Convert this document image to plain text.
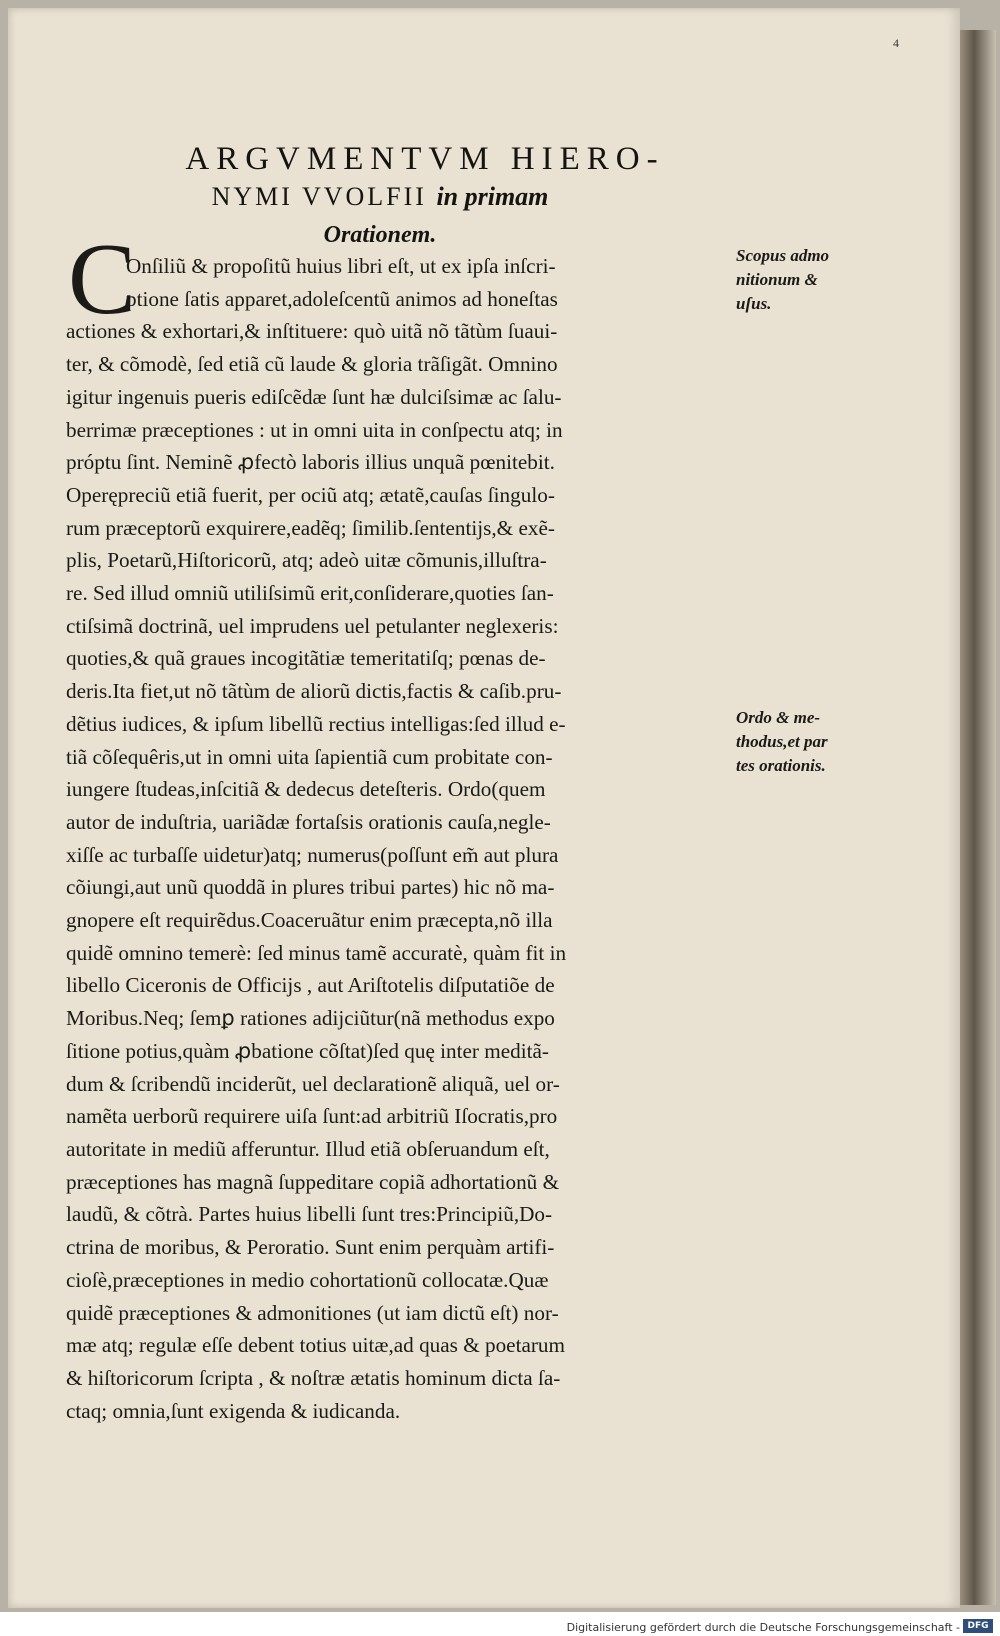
4
ARGVMENTVM HIERO-
NYMI VVOLFII in primam
Orationem.
C
Onſiliũ & propoſitũ huius libri eſt, ut ex ipſa inſcri-
ptione ſatis apparet,adoleſcentũ animos ad honeſtas
actiones & exhortari,& inſtituere: quò uitã nõ tãtùm ſuaui-
ter, & cõmodè, ſed etiã cũ laude & gloria trãſigãt. Omnino
igitur ingenuis pueris ediſcẽdæ ſunt hæ dulciſsimæ ac ſalu-
berrimæ præceptiones : ut in omni uita in conſpectu atq; in
próptu ſint. Neminẽ ꝓfectò laboris illius unquã pœnitebit.
Operępreciũ etiã fuerit, per ociũ atq; ætatẽ,cauſas ſingulo-
rum præceptorũ exquirere,eadẽq; ſimilib.ſententijs,& exẽ-
plis, Poetarũ,Hiſtoricorũ, atq; adeò uitæ cõmunis,illuſtra-
re. Sed illud omniũ utiliſsimũ erit,conſiderare,quoties ſan-
ctiſsimã doctrinã, uel imprudens uel petulanter neglexeris:
quoties,& quã graues incogitãtiæ temeritatiſq; pœnas de-
deris.Ita fiet,ut nõ tãtùm de aliorũ dictis,factis & caſib.pru-
dẽtius iudices, & ipſum libellũ rectius intelligas:ſed illud e-
tiã cõſequêris,ut in omni uita ſapientiã cum probitate con-
iungere ſtudeas,inſcitiã & dedecus deteſteris. Ordo(quem
autor de induſtria, uariãdæ fortaſsis orationis cauſa,negle-
xiſſe ac turbaſſe uidetur)atq; numerus(poſſunt em̃ aut plura
cõiungi,aut unũ quoddã in plures tribui partes) hic nõ ma-
gnopere eſt requirẽdus.Coaceruãtur enim præcepta,nõ illa
quidẽ omnino temerè: ſed minus tamẽ accuratè, quàm fit in
libello Ciceronis de Officijs , aut Ariſtotelis diſputatiõe de
Moribus.Neq; ſemꝑ rationes adijciũtur(nã methodus expo
ſitione potius,quàm ꝓbatione cõſtat)ſed quę inter meditã-
dum & ſcribendũ inciderũt, uel declarationẽ aliquã, uel or-
namẽta uerborũ requirere uiſa ſunt:ad arbitriũ Iſocratis,pro
autoritate in mediũ afferuntur. Illud etiã obſeruandum eſt,
præceptiones has magnã ſuppeditare copiã adhortationũ &
laudũ, & cõtrà. Partes huius libelli ſunt tres:Principiũ,Do-
ctrina de moribus, & Peroratio. Sunt enim perquàm artifi-
cioſè,præceptiones in medio cohortationũ collocatæ.Quæ
quidẽ præceptiones & admonitiones (ut iam dictũ eſt) nor-
mæ atq; regulæ eſſe debent totius uitæ,ad quas & poetarum
& hiſtoricorum ſcripta , & noſtræ ætatis hominum dicta ſa-
ctaq; omnia,ſunt exigenda & iudicanda.
Scopus admo
nitionum &
uſus.
Ordo & me-
thodus,et par
tes orationis.
Digitalisierung gefördert durch die Deutsche Forschungsgemeinschaft - DFG
